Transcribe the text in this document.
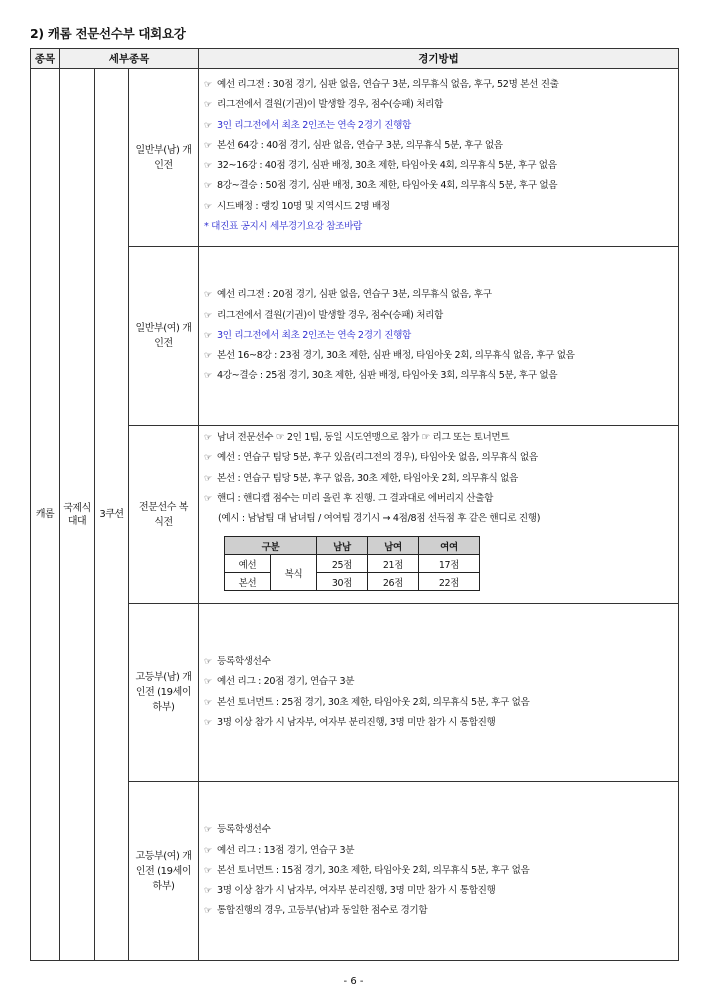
2) 캐롬 전문선수부 대회요강
종목	세부종목	경기방법
캐롬	국제식 대대	3쿠션	일반부(남) 개인전	
☞ 예선 리그전 : 30점 경기, 심판 없음, 연습구 3분, 의무휴식 없음, 후구, 52명 본선 진출
☞ 리그전에서 결원(기권)이 발생할 경우, 점수(승패) 처리함
☞ 3인 리그전에서 최초 2인조는 연속 2경기 진행함
☞ 본선 64강 : 40점 경기, 심판 없음, 연습구 3분, 의무휴식 5분, 후구 없음
☞ 32~16강 : 40점 경기, 심판 배정, 30초 제한, 타임아웃 4회, 의무휴식 5분, 후구 없음
☞ 8강~결승 : 50점 경기, 심판 배정, 30초 제한, 타임아웃 4회, 의무휴식 5분, 후구 없음
☞ 시드배정 : 랭킹 10명 및 지역시드 2명 배정
* 대진표 공지시 세부경기요강 참조바람

일반부(여) 개인전	
☞ 예선 리그전 : 20점 경기, 심판 없음, 연습구 3분, 의무휴식 없음, 후구
☞ 리그전에서 결원(기권)이 발생할 경우, 점수(승패) 처리함
☞ 3인 리그전에서 최초 2인조는 연속 2경기 진행함
☞ 본선 16~8강 : 23점 경기, 30초 제한, 심판 배정, 타임아웃 2회, 의무휴식 없음, 후구 없음
☞ 4강~결승 : 25점 경기, 30초 제한, 심판 배정, 타임아웃 3회, 의무휴식 5분, 후구 없음

전문선수 복식전	
☞ 남녀 전문선수 ☞ 2인 1팀, 동일 시도연맹으로 참가 ☞ 리그 또는 토너먼트
☞ 예선 : 연습구 팀당 5분, 후구 있음(리그전의 경우), 타임아웃 없음, 의무휴식 없음
☞ 본선 : 연습구 팀당 5분, 후구 없음, 30초 제한, 타임아웃 2회, 의무휴식 없음
☞ 핸디 : 핸디캡 점수는 미리 올린 후 진행. 그 결과대로 에버리지 산출함
(예시 : 남남팀 대 남녀팀 / 여여팀 경기시 → 4점/8점 선득점 후 같은 핸디로 진행)
구분	남남	남여	여여
예선	복식	25점	21점	17점
본선	30점	26점	22점

고등부(남) 개인전 (19세이하부)	
☞ 등록학생선수
☞ 예선 리그 : 20점 경기, 연습구 3분
☞ 본선 토너먼트 : 25점 경기, 30초 제한, 타임아웃 2회, 의무휴식 5분, 후구 없음
☞ 3명 이상 참가 시 남자부, 여자부 분리진행, 3명 미만 참가 시 통합진행

고등부(여) 개인전 (19세이하부)	
☞ 등록학생선수
☞ 예선 리그 : 13점 경기, 연습구 3분
☞ 본선 토너먼트 : 15점 경기, 30초 제한, 타임아웃 2회, 의무휴식 5분, 후구 없음
☞ 3명 이상 참가 시 남자부, 여자부 분리진행, 3명 미만 참가 시 통합진행
☞ 통합진행의 경우, 고등부(남)과 동일한 점수로 경기함
- 6 -
